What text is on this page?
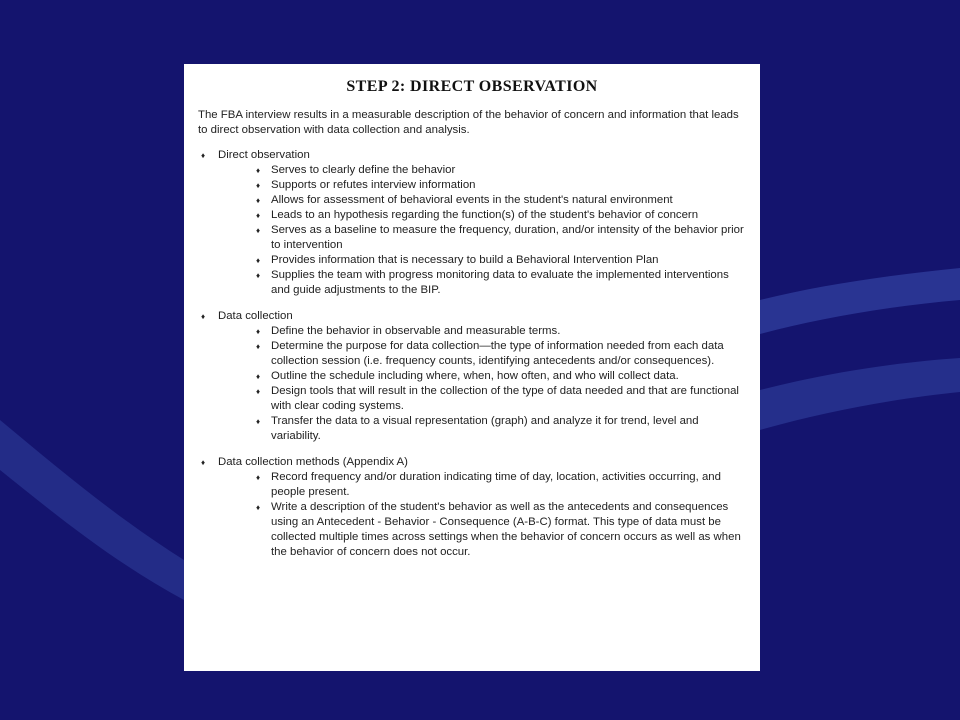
STEP 2: DIRECT OBSERVATION

The FBA interview results in a measurable description of the behavior of concern and information that leads to direct observation with data collection and analysis.

♦ Direct observation
♦ Serves to clearly define the behavior
♦ Supports or refutes interview information
♦ Allows for assessment of behavioral events in the student's natural environment
♦ Leads to an hypothesis regarding the function(s) of the student's behavior of concern
♦ Serves as a baseline to measure the frequency, duration, and/or intensity of the behavior prior to intervention
♦ Provides information that is necessary to build a Behavioral Intervention Plan
♦ Supplies the team with progress monitoring data to evaluate the implemented interventions and guide adjustments to the BIP.
♦ Data collection
♦ Define the behavior in observable and measurable terms.
♦ Determine the purpose for data collection—the type of information needed from each data collection session (i.e. frequency counts, identifying antecedents and/or consequences).
♦ Outline the schedule including where, when, how often, and who will collect data.
♦ Design tools that will result in the collection of the type of data needed and that are functional with clear coding systems.
♦ Transfer the data to a visual representation (graph) and analyze it for trend, level and variability.
♦ Data collection methods (Appendix A)
♦ Record frequency and/or duration indicating time of day, location, activities occurring, and people present.
♦ Write a description of the student's behavior as well as the antecedents and consequences using an Antecedent - Behavior - Consequence (A-B-C) format. This type of data must be collected multiple times across settings when the behavior of concern occurs as well as when the behavior of concern does not occur.
